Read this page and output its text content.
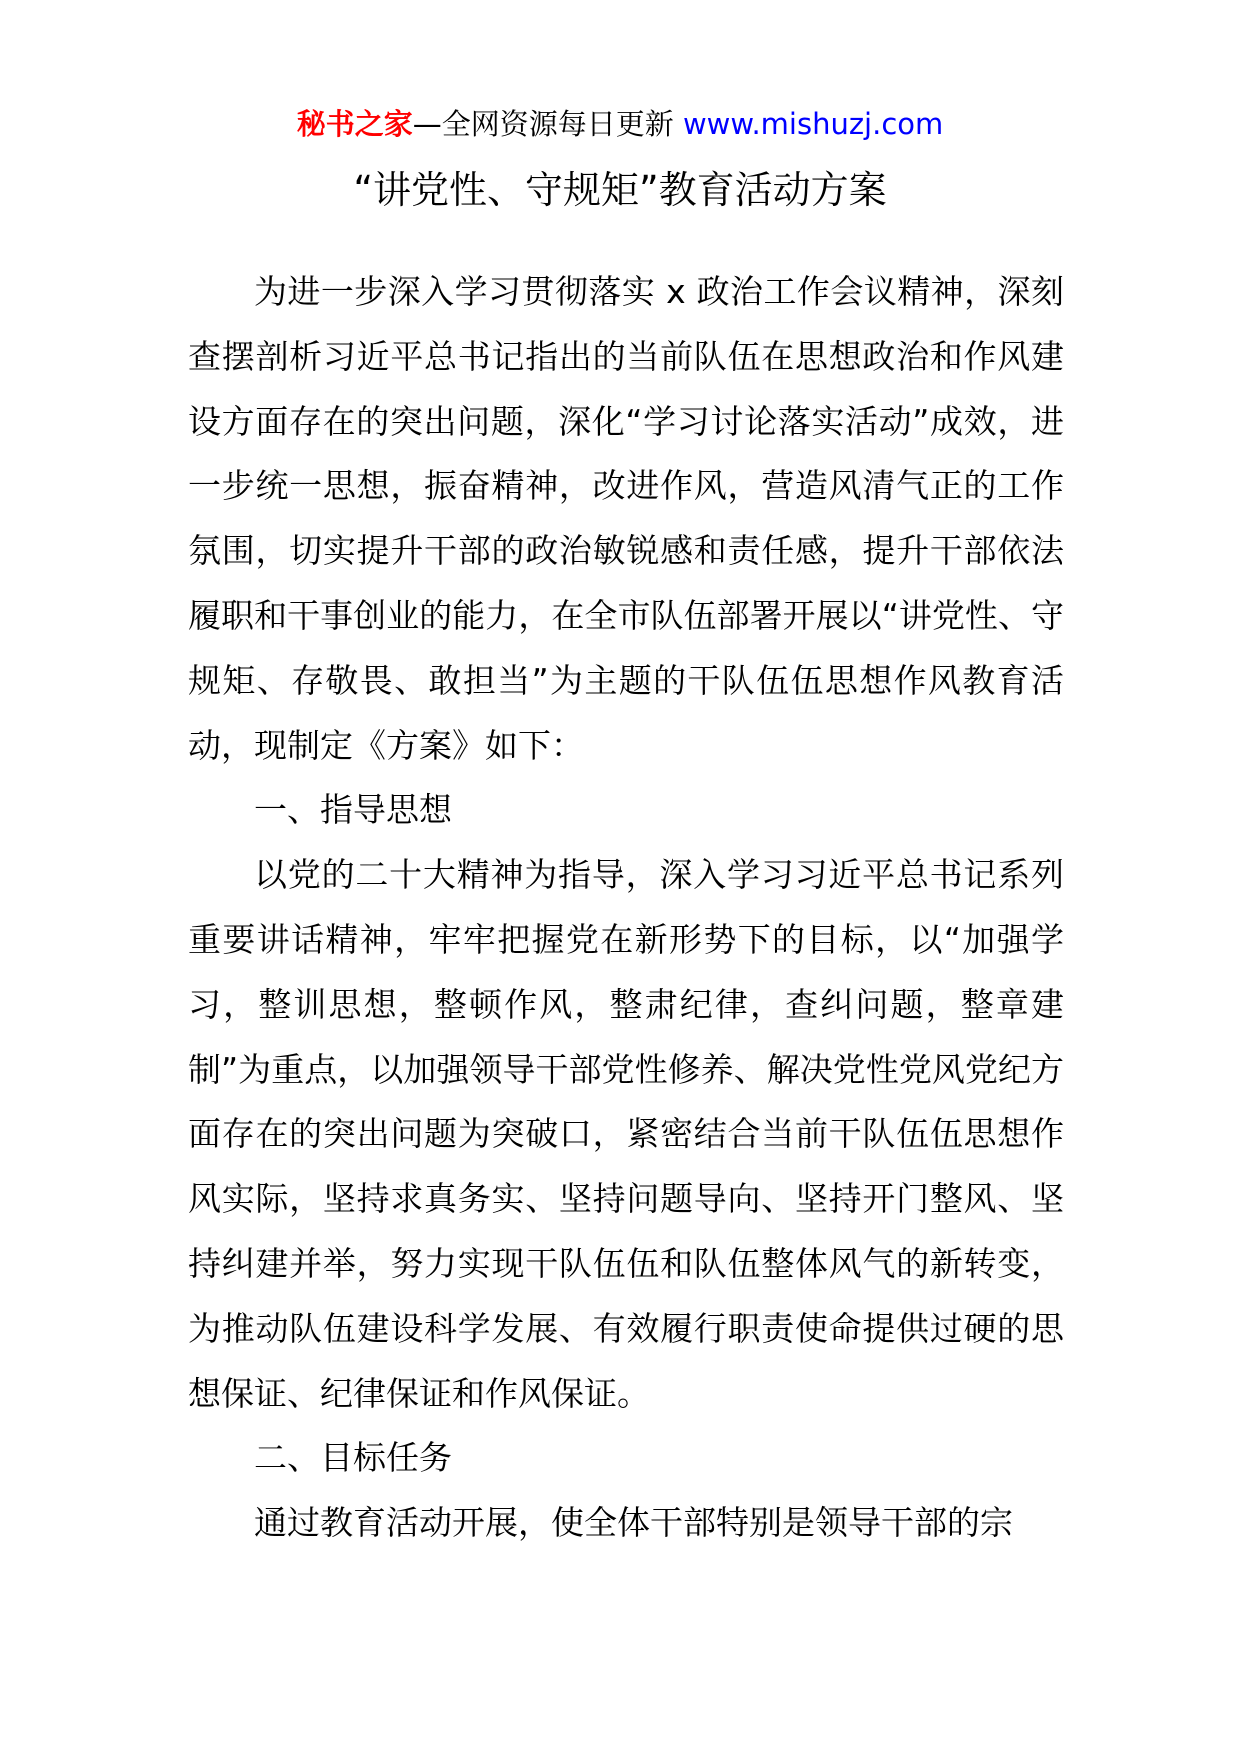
秘书之家—全网资源每日更新 www.mishuzj.com
“讲党性、守规矩”教育活动方案

为进一步深入学习贯彻落实 x 政治工作会议精神，深刻查摆剖析习近平总书记指出的当前队伍在思想政治和作风建设方面存在的突出问题，深化“学习讨论落实活动”成效，进一步统一思想，振奋精神，改进作风，营造风清气正的工作氛围，切实提升干部的政治敏锐感和责任感，提升干部依法履职和干事创业的能力，在全市队伍部署开展以“讲党性、守规矩、存敬畏、敢担当”为主题的干队伍伍思想作风教育活动，现制定《方案》如下：

一、指导思想

以党的二十大精神为指导，深入学习习近平总书记系列重要讲话精神，牢牢把握党在新形势下的目标，以“加强学习，整训思想，整顿作风，整肃纪律，查纠问题，整章建制”为重点，以加强领导干部党性修养、解决党性党风党纪方面存在的突出问题为突破口，紧密结合当前干队伍伍思想作风实际，坚持求真务实、坚持问题导向、坚持开门整风、坚持纠建并举，努力实现干队伍伍和队伍整体风气的新转变，为推动队伍建设科学发展、有效履行职责使命提供过硬的思想保证、纪律保证和作风保证。

二、目标任务

通过教育活动开展，使全体干部特别是领导干部的宗
